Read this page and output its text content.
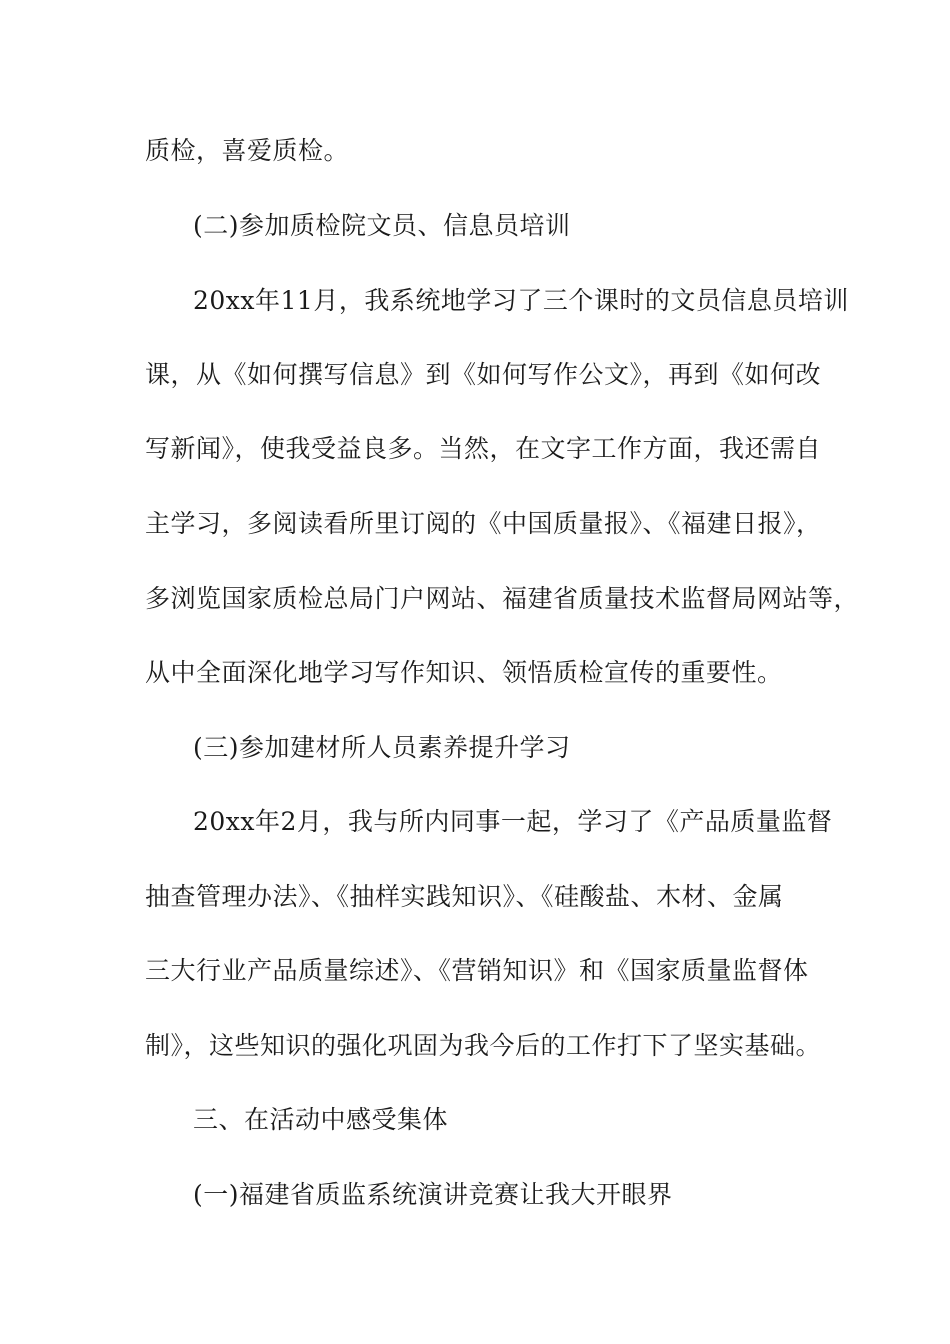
质检，喜爱质检。
(二)参加质检院文员、信息员培训
20xx年11月，我系统地学习了三个课时的文员信息员培训
课，从《如何撰写信息》到《如何写作公文》，再到《如何改
写新闻》，使我受益良多。当然，在文字工作方面，我还需自
主学习，多阅读看所里订阅的《中国质量报》、《福建日报》，
多浏览国家质检总局门户网站、福建省质量技术监督局网站等，
从中全面深化地学习写作知识、领悟质检宣传的重要性。
(三)参加建材所人员素养提升学习
20xx年2月，我与所内同事一起，学习了《产品质量监督
抽查管理办法》、《抽样实践知识》、《硅酸盐、木材、金属
三大行业产品质量综述》、《营销知识》和《国家质量监督体
制》，这些知识的强化巩固为我今后的工作打下了坚实基础。
三、在活动中感受集体
(一)福建省质监系统演讲竞赛让我大开眼界
